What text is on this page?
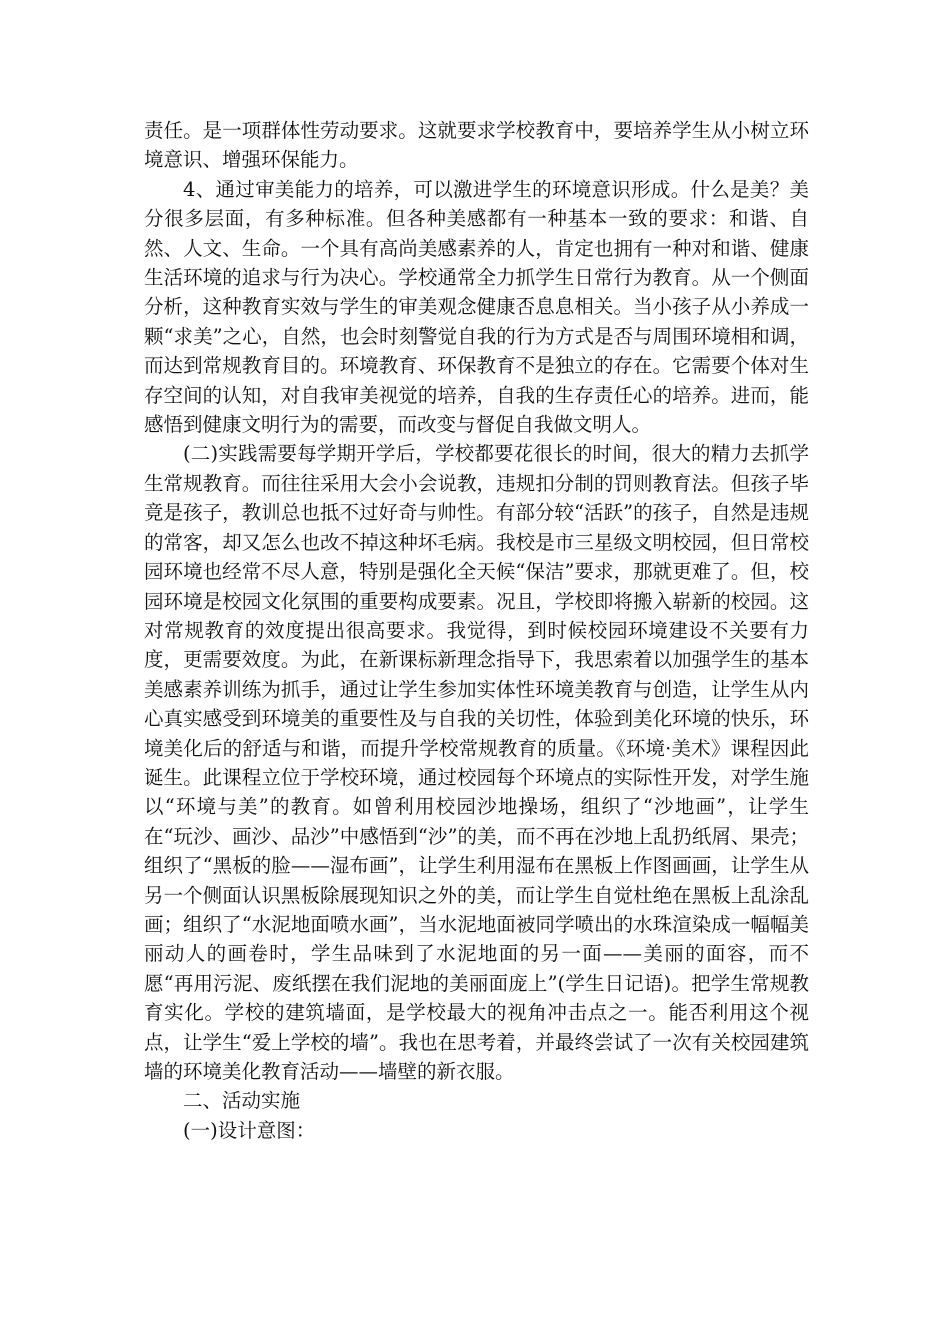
责任。是一项群体性劳动要求。这就要求学校教育中，要培养学生从小树立环境意识、增强环保能力。

4、通过审美能力的培养，可以激进学生的环境意识形成。什么是美？美分很多层面，有多种标准。但各种美感都有一种基本一致的要求：和谐、自然、人文、生命。一个具有高尚美感素养的人，肯定也拥有一种对和谐、健康生活环境的追求与行为决心。学校通常全力抓学生日常行为教育。从一个侧面分析，这种教育实效与学生的审美观念健康否息息相关。当小孩子从小养成一颗“求美”之心，自然，也会时刻警觉自我的行为方式是否与周围环境相和调，而达到常规教育目的。环境教育、环保教育不是独立的存在。它需要个体对生存空间的认知，对自我审美视觉的培养，自我的生存责任心的培养。进而，能感悟到健康文明行为的需要，而改变与督促自我做文明人。

(二)实践需要每学期开学后，学校都要花很长的时间，很大的精力去抓学生常规教育。而往往采用大会小会说教，违规扣分制的罚则教育法。但孩子毕竟是孩子，教训总也抵不过好奇与帅性。有部分较“活跃”的孩子，自然是违规的常客，却又怎么也改不掉这种坏毛病。我校是市三星级文明校园，但日常校园环境也经常不尽人意，特别是强化全天候“保洁”要求，那就更难了。但，校园环境是校园文化氛围的重要构成要素。况且，学校即将搬入崭新的校园。这对常规教育的效度提出很高要求。我觉得，到时候校园环境建设不关要有力度，更需要效度。为此，在新课标新理念指导下，我思索着以加强学生的基本美感素养训练为抓手，通过让学生参加实体性环境美教育与创造，让学生从内心真实感受到环境美的重要性及与自我的关切性，体验到美化环境的快乐，环境美化后的舒适与和谐，而提升学校常规教育的质量。《环境·美术》课程因此诞生。此课程立位于学校环境，通过校园每个环境点的实际性开发，对学生施以“环境与美”的教育。如曾利用校园沙地操场，组织了“沙地画”，让学生在“玩沙、画沙、品沙”中感悟到“沙”的美，而不再在沙地上乱扔纸屑、果壳；组织了“黑板的脸——湿布画”，让学生利用湿布在黑板上作图画画，让学生从另一个侧面认识黑板除展现知识之外的美，而让学生自觉杜绝在黑板上乱涂乱画；组织了“水泥地面喷水画”，当水泥地面被同学喷出的水珠渲染成一幅幅美丽动人的画卷时，学生品味到了水泥地面的另一面——美丽的面容，而不愿“再用污泥、废纸摆在我们泥地的美丽面庞上”(学生日记语)。把学生常规教育实化。学校的建筑墙面，是学校最大的视角冲击点之一。能否利用这个视点，让学生“爱上学校的墙”。我也在思考着，并最终尝试了一次有关校园建筑墙的环境美化教育活动——墙壁的新衣服。

二、活动实施

(一)设计意图：
